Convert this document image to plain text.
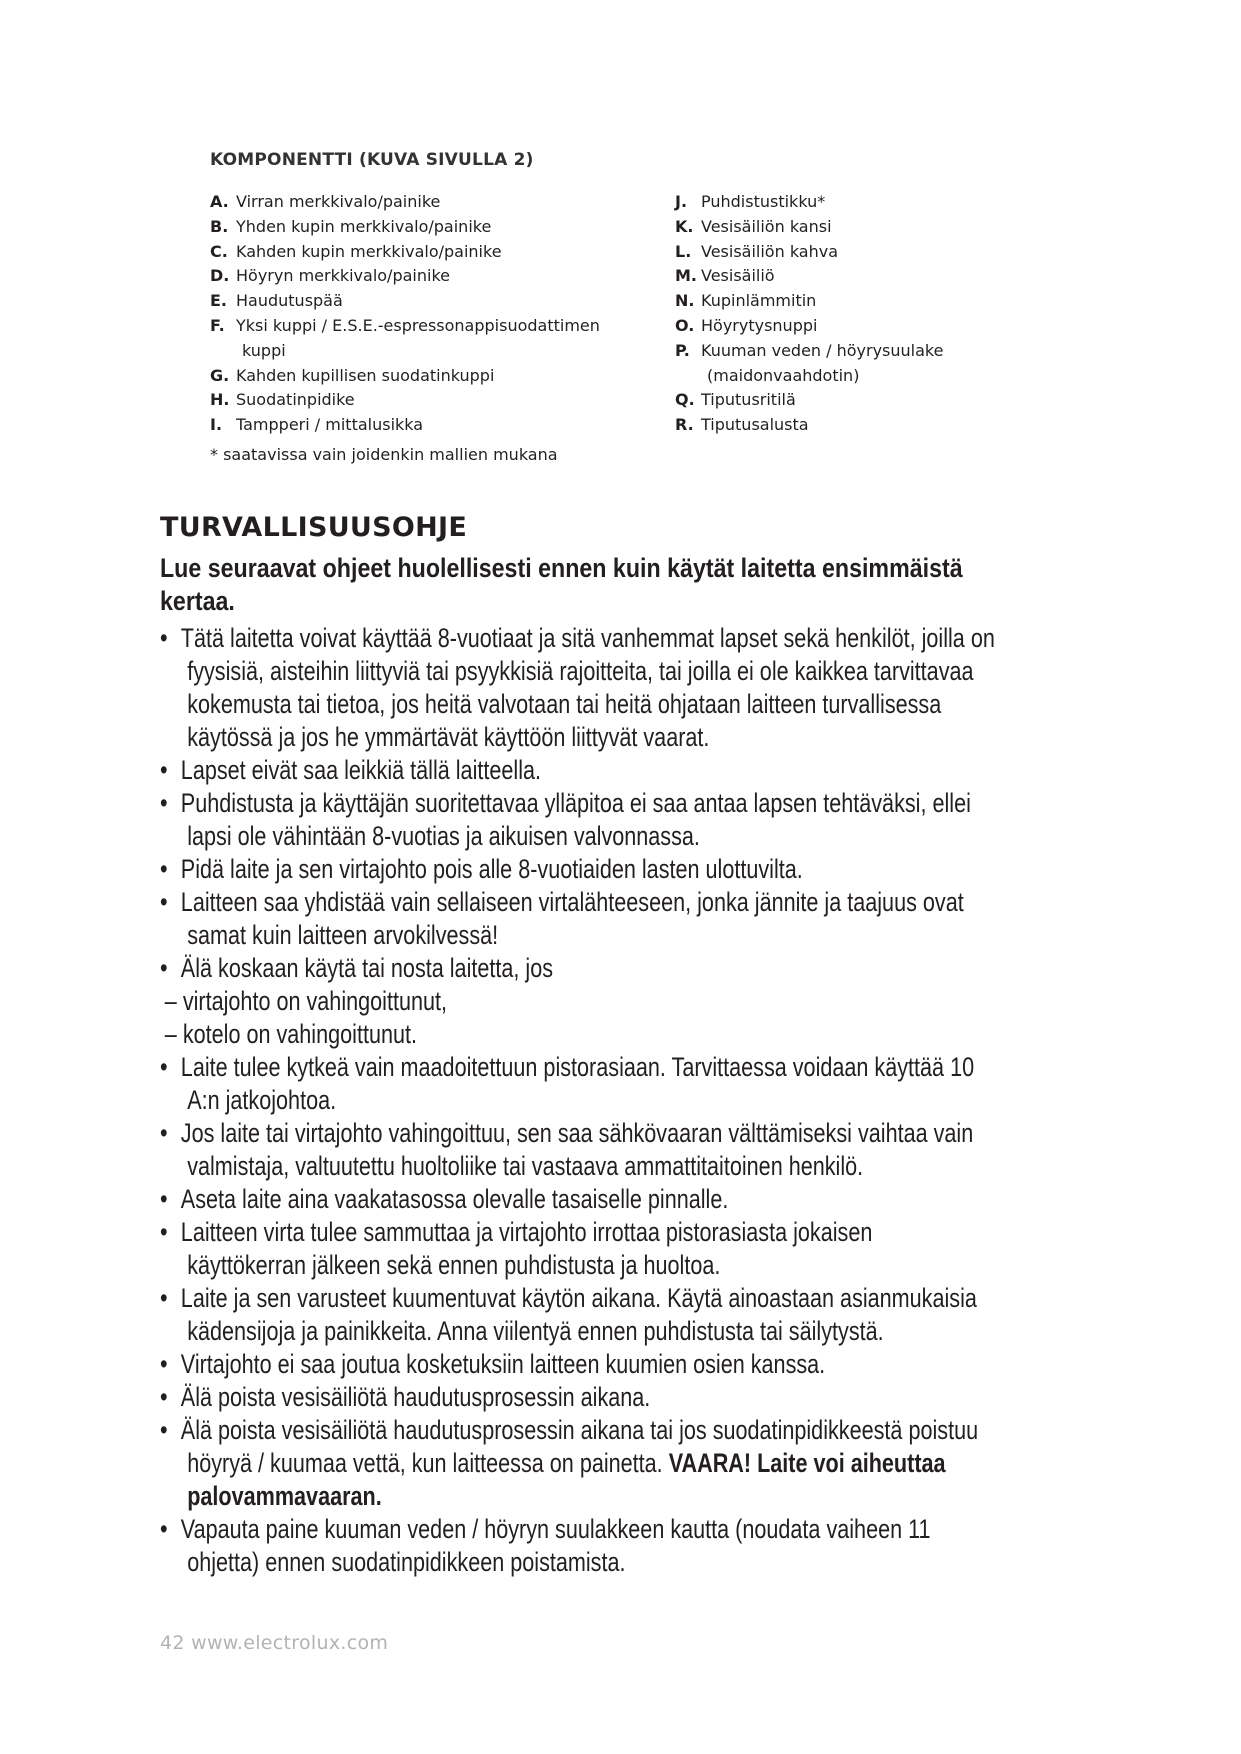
KOMPONENTTI (KUVA SIVULLA 2)
A. Virran merkkivalo/painike
B. Yhden kupin merkkivalo/painike
C. Kahden kupin merkkivalo/painike
D. Höyryn merkkivalo/painike
E. Haudutuspää
F. Yksi kuppi / E.S.E.-espressonappisuodattimen
kuppi
G. Kahden kupillisen suodatinkuppi
H. Suodatinpidike
I. Tampperi / mittalusikka
J. Puhdistustikku*
K. Vesisäiliön kansi
L. Vesisäiliön kahva
M. Vesisäiliö
N. Kupinlämmitin
O. Höyrytysnuppi
P. Kuuman veden / höyrysuulake
(maidonvaahdotin)
Q. Tiputusritilä
R. Tiputusalusta
* saatavissa vain joidenkin mallien mukana
TURVALLISUUSOHJE
Lue seuraavat ohjeet huolellisesti ennen kuin käytät laitetta ensimmäistä
kertaa.
• Tätä laitetta voivat käyttää 8-vuotiaat ja sitä vanhemmat lapset sekä henkilöt, joilla on
fyysisiä, aisteihin liittyviä tai psyykkisiä rajoitteita, tai joilla ei ole kaikkea tarvittavaa
kokemusta tai tietoa, jos heitä valvotaan tai heitä ohjataan laitteen turvallisessa
käytössä ja jos he ymmärtävät käyttöön liittyvät vaarat.
• Lapset eivät saa leikkiä tällä laitteella.
• Puhdistusta ja käyttäjän suoritettavaa ylläpitoa ei saa antaa lapsen tehtäväksi, ellei
lapsi ole vähintään 8-vuotias ja aikuisen valvonnassa.
• Pidä laite ja sen virtajohto pois alle 8-vuotiaiden lasten ulottuvilta.
• Laitteen saa yhdistää vain sellaiseen virtalähteeseen, jonka jännite ja taajuus ovat
samat kuin laitteen arvokilvessä!
• Älä koskaan käytä tai nosta laitetta, jos
– virtajohto on vahingoittunut,
– kotelo on vahingoittunut.
• Laite tulee kytkeä vain maadoitettuun pistorasiaan. Tarvittaessa voidaan käyttää 10
A:n jatkojohtoa.
• Jos laite tai virtajohto vahingoittuu, sen saa sähkövaaran välttämiseksi vaihtaa vain
valmistaja, valtuutettu huoltoliike tai vastaava ammattitaitoinen henkilö.
• Aseta laite aina vaakatasossa olevalle tasaiselle pinnalle.
• Laitteen virta tulee sammuttaa ja virtajohto irrottaa pistorasiasta jokaisen
käyttökerran jälkeen sekä ennen puhdistusta ja huoltoa.
• Laite ja sen varusteet kuumentuvat käytön aikana. Käytä ainoastaan asianmukaisia
kädensijoja ja painikkeita. Anna viilentyä ennen puhdistusta tai säilytystä.
• Virtajohto ei saa joutua kosketuksiin laitteen kuumien osien kanssa.
• Älä poista vesisäiliötä haudutusprosessin aikana.
• Älä poista vesisäiliötä haudutusprosessin aikana tai jos suodatinpidikkeestä poistuu
höyryä / kuumaa vettä, kun laitteessa on painetta. VAARA! Laite voi aiheuttaa
palovammavaaran.
• Vapauta paine kuuman veden / höyryn suulakkeen kautta (noudata vaiheen 11
ohjetta) ennen suodatinpidikkeen poistamista.
42 www.electrolux.com
